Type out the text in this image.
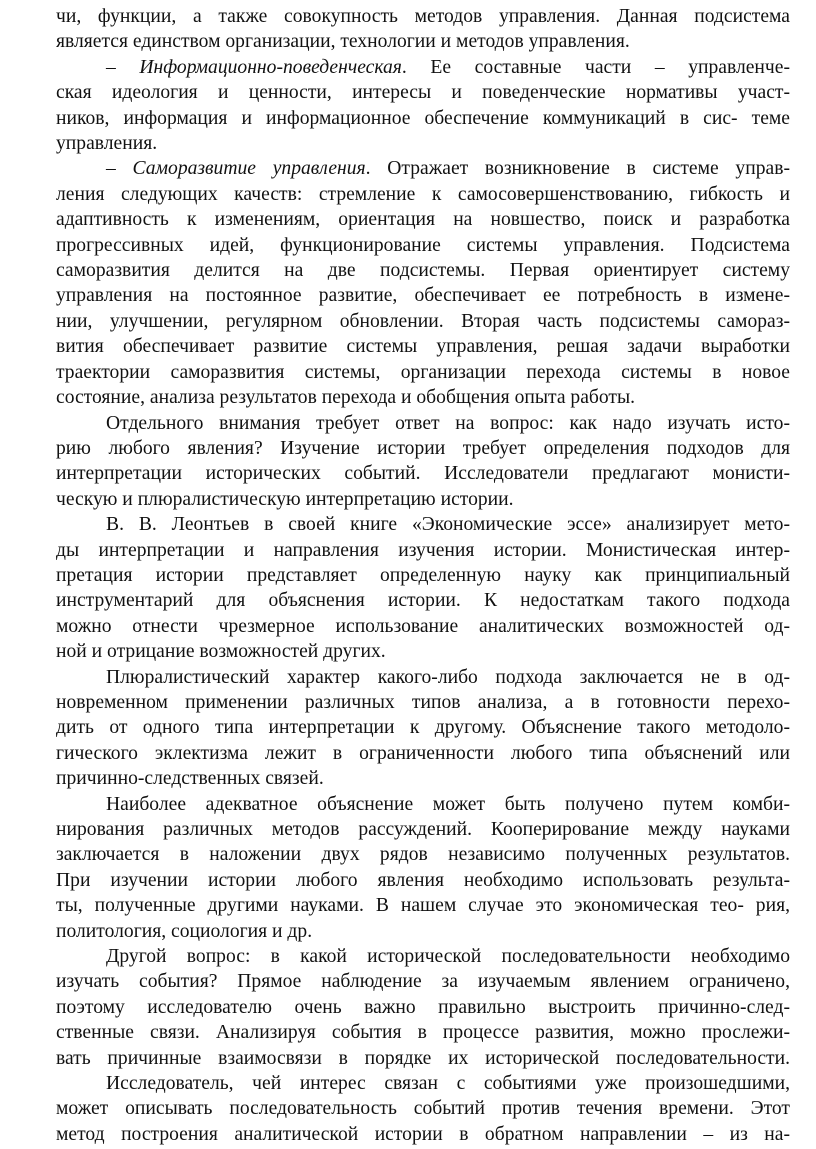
чи, функции, а также совокупность методов управления. Данная подсистема
является единством организации, технологии и методов управления.
– Информационно-поведенческая. Ее составные части – управленче-
ская идеология и ценности, интересы и поведенческие нормативы участ-
ников, информация и информационное обеспечение коммуникаций в сис- теме
управления.
– Саморазвитие управления. Отражает возникновение в системе управ-
ления следующих качеств: стремление к самосовершенствованию, гибкость и
адаптивность к изменениям, ориентация на новшество, поиск и разработка
прогрессивных идей, функционирование системы управления. Подсистема
саморазвития делится на две подсистемы. Первая ориентирует систему
управления на постоянное развитие, обеспечивает ее потребность в измене-
нии, улучшении, регулярном обновлении. Вторая часть подсистемы самораз-
вития обеспечивает развитие системы управления, решая задачи выработки
траектории саморазвития системы, организации перехода системы в новое
состояние, анализа результатов перехода и обобщения опыта работы.
Отдельного внимания требует ответ на вопрос: как надо изучать исто-
рию любого явления? Изучение истории требует определения подходов для
интерпретации исторических событий. Исследователи предлагают монисти-
ческую и плюралистическую интерпретацию истории.
В. В. Леонтьев в своей книге «Экономические эссе» анализирует мето-
ды интерпретации и направления изучения истории. Монистическая интер-
претация истории представляет определенную науку как принципиальный
инструментарий для объяснения истории. К недостаткам такого подхода
можно отнести чрезмерное использование аналитических возможностей од-
ной и отрицание возможностей других.
Плюралистический характер какого-либо подхода заключается не в од-
новременном применении различных типов анализа, а в готовности перехо-
дить от одного типа интерпретации к другому. Объяснение такого методоло-
гического эклектизма лежит в ограниченности любого типа объяснений или
причинно-следственных связей.
Наиболее адекватное объяснение может быть получено путем комби-
нирования различных методов рассуждений. Кооперирование между науками
заключается в наложении двух рядов независимо полученных результатов.
При изучении истории любого явления необходимо использовать результа-
ты, полученные другими науками. В нашем случае это экономическая тео- рия,
политология, социология и др.
Другой вопрос: в какой исторической последовательности необходимо
изучать события? Прямое наблюдение за изучаемым явлением ограничено,
поэтому исследователю очень важно правильно выстроить причинно-след-
ственные связи. Анализируя события в процессе развития, можно прослежи-
вать причинные взаимосвязи в порядке их исторической последовательности.
Исследователь, чей интерес связан с событиями уже произошедшими,
может описывать последовательность событий против течения времени. Этот
метод построения аналитической истории в обратном направлении – из на-
